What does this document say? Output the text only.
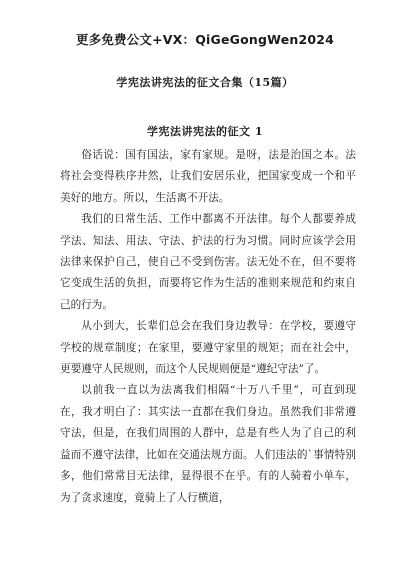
更多免费公文+VX：QiGeGongWen2024
学宪法讲宪法的征文合集（15篇）
学宪法讲宪法的征文 1

俗话说：国有国法，家有家规。是呀，法是治国之本。法将社会变得秩序井然，让我们安居乐业，把国家变成一个和平美好的地方。所以，生活离不开法。

我们的日常生活、工作中都离不开法律。每个人都要养成学法、知法、用法、守法、护法的行为习惯。同时应该学会用法律来保护自己，使自己不受到伤害。法无处不在，但不要将它变成生活的负担，而要将它作为生活的准则来规范和约束自己的行为。

从小到大，长辈们总会在我们身边教导：在学校，要遵守学校的规章制度；在家里，要遵守家里的规矩；而在社会中，更要遵守人民规则，而这个人民规则便是“遵纪守法”了。

以前我一直以为法离我们相隔“十万八千里”，可直到现在，我才明白了：其实法一直都在我们身边。虽然我们非常遵守法，但是，在我们周围的人群中，总是有些人为了自己的利益而不遵守法律，比如在交通法规方面。人们违法的`事情特别多，他们常常目无法律，显得很不在乎。有的人骑着小单车，为了贪求速度，竟骑上了人行横道，
